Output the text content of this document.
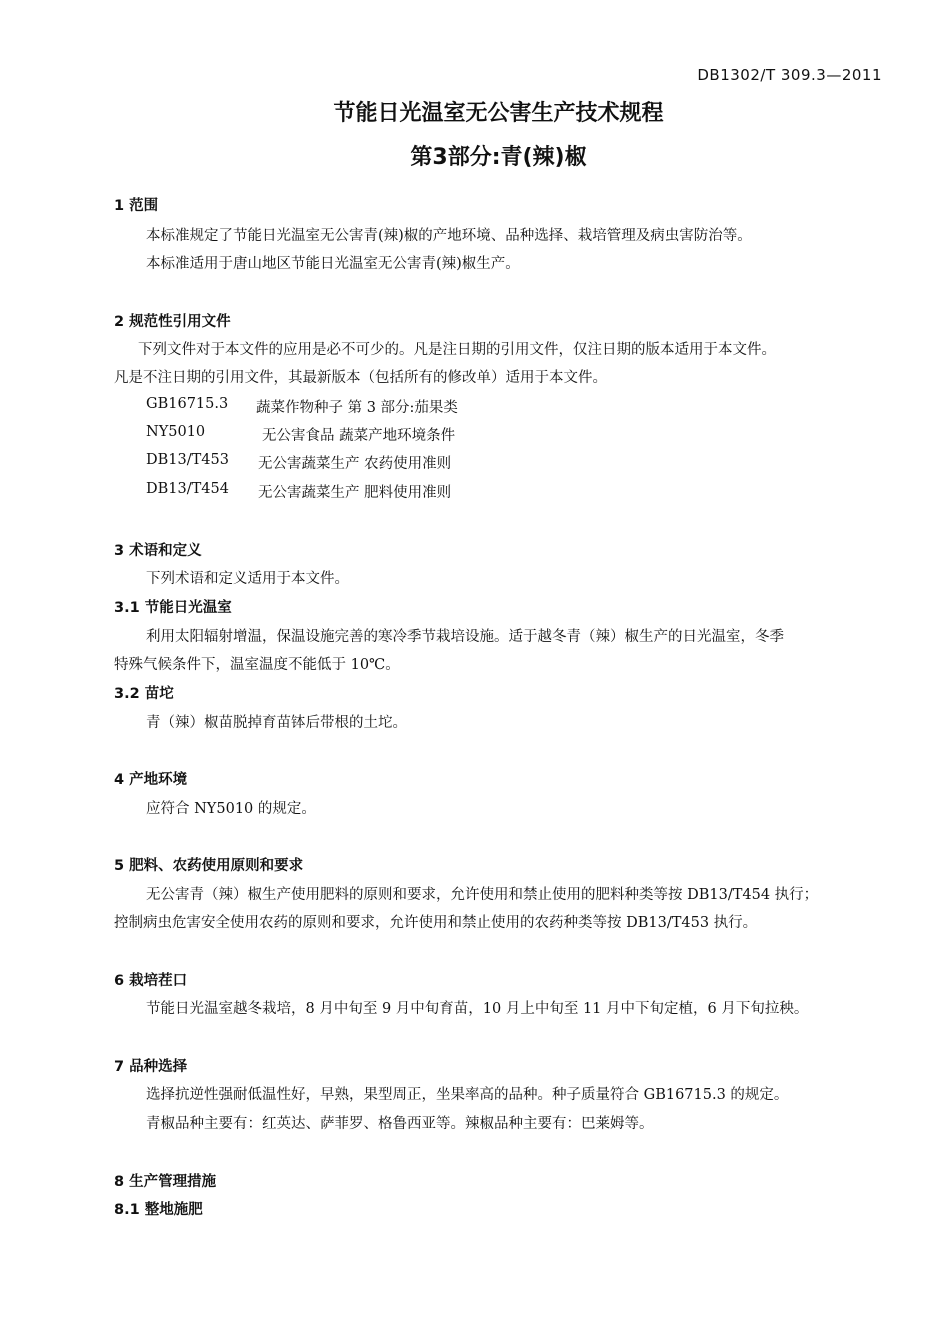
DB1302/T 309.3—2011
节能日光温室无公害生产技术规程
第3部分:青(辣)椒
1 范围
本标准规定了节能日光温室无公害青(辣)椒的产地环境、品种选择、栽培管理及病虫害防治等。
本标准适用于唐山地区节能日光温室无公害青(辣)椒生产。
2 规范性引用文件
下列文件对于本文件的应用是必不可少的。凡是注日期的引用文件，仅注日期的版本适用于本文件。
凡是不注日期的引用文件，其最新版本（包括所有的修改单）适用于本文件。
GB16715.3 蔬菜作物种子 第 3 部分:茄果类
NY5010	无公害食品 蔬菜产地环境条件
DB13/T453 无公害蔬菜生产 农药使用准则
DB13/T454 无公害蔬菜生产 肥料使用准则
3 术语和定义
下列术语和定义适用于本文件。
3.1 节能日光温室
利用太阳辐射增温，保温设施完善的寒冷季节栽培设施。适于越冬青（辣）椒生产的日光温室，冬季
特殊气候条件下，温室温度不能低于 10℃。
3.2 苗坨
青（辣）椒苗脱掉育苗钵后带根的土坨。
4 产地环境
应符合 NY5010 的规定。
5 肥料、农药使用原则和要求
无公害青（辣）椒生产使用肥料的原则和要求，允许使用和禁止使用的肥料种类等按 DB13/T454 执行；
控制病虫危害安全使用农药的原则和要求，允许使用和禁止使用的农药种类等按 DB13/T453 执行。
6 栽培茬口
节能日光温室越冬栽培，8 月中旬至 9 月中旬育苗，10 月上中旬至 11 月中下旬定植，6 月下旬拉秧。
7 品种选择
选择抗逆性强耐低温性好，早熟，果型周正，坐果率高的品种。种子质量符合 GB16715.3 的规定。
青椒品种主要有：红英达、萨菲罗、格鲁西亚等。辣椒品种主要有：巴莱姆等。
8 生产管理措施
8.1 整地施肥
